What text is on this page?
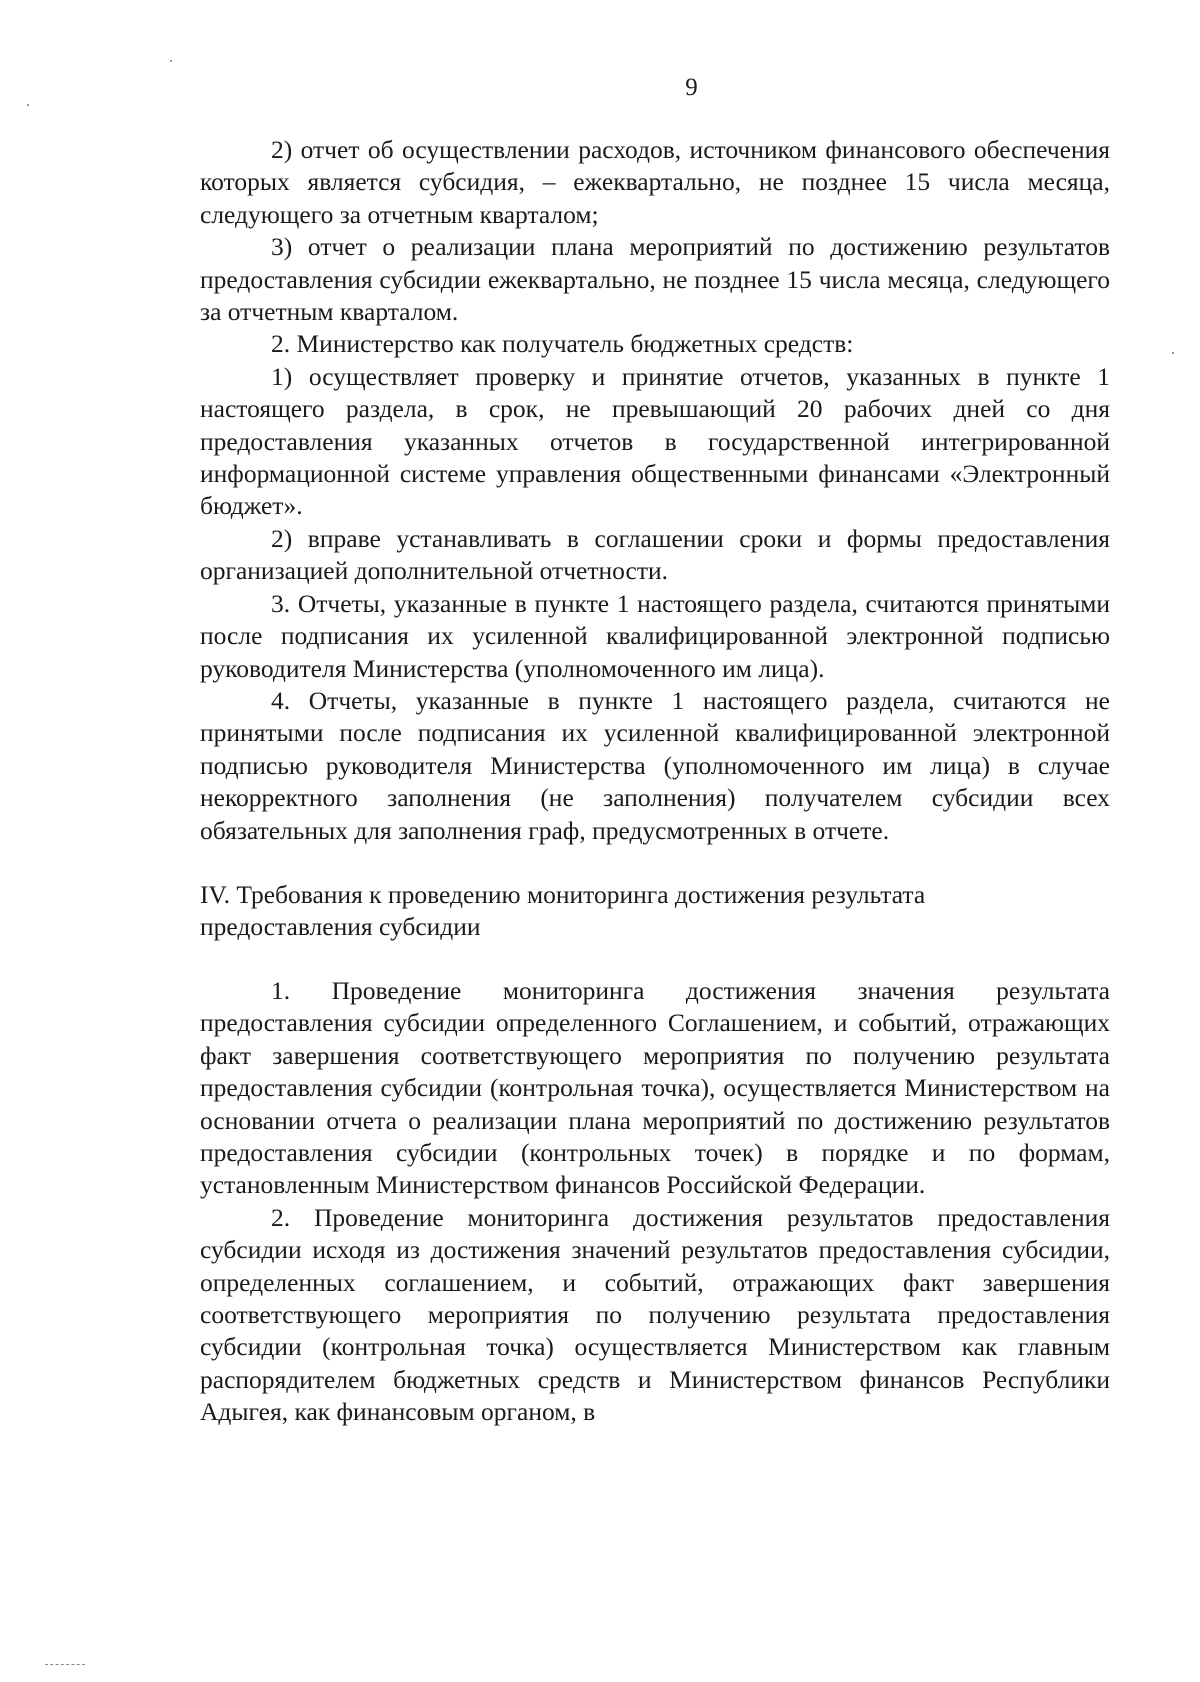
9

2) отчет об осуществлении расходов, источником финансового обеспечения которых является субсидия, – ежеквартально, не позднее 15 числа месяца, следующего за отчетным кварталом;

3) отчет о реализации плана мероприятий по достижению результатов предоставления субсидии ежеквартально, не позднее 15 числа месяца, следующего за отчетным кварталом.

2. Министерство как получатель бюджетных средств:

1) осуществляет проверку и принятие отчетов, указанных в пункте 1 настоящего раздела, в срок, не превышающий 20 рабочих дней со дня предоставления указанных отчетов в государственной интегрированной информационной системе управления общественными финансами «Электронный бюджет».

2) вправе устанавливать в соглашении сроки и формы предоставления организацией дополнительной отчетности.

3. Отчеты, указанные в пункте 1 настоящего раздела, считаются принятыми после подписания их усиленной квалифицированной электронной подписью руководителя Министерства (уполномоченного им лица).

4. Отчеты, указанные в пункте 1 настоящего раздела, считаются не принятыми после подписания их усиленной квалифицированной электронной подписью руководителя Министерства (уполномоченного им лица) в случае некорректного заполнения (не заполнения) получателем субсидии всех обязательных для заполнения граф, предусмотренных в отчете.

IV. Требования к проведению мониторинга достижения результата
предоставления субсидии

1. Проведение мониторинга достижения значения результата предоставления субсидии определенного Соглашением, и событий, отражающих факт завершения соответствующего мероприятия по получению результата предоставления субсидии (контрольная точка), осуществляется Министерством на основании отчета о реализации плана мероприятий по достижению результатов предоставления субсидии (контрольных точек) в порядке и по формам, установленным Министерством финансов Российской Федерации.

2. Проведение мониторинга достижения результатов предоставления субсидии исходя из достижения значений результатов предоставления субсидии, определенных соглашением, и событий, отражающих факт завершения соответствующего мероприятия по получению результата предоставления субсидии (контрольная точка) осуществляется Министерством как главным распорядителем бюджетных средств и Министерством финансов Республики Адыгея, как финансовым органом, в
